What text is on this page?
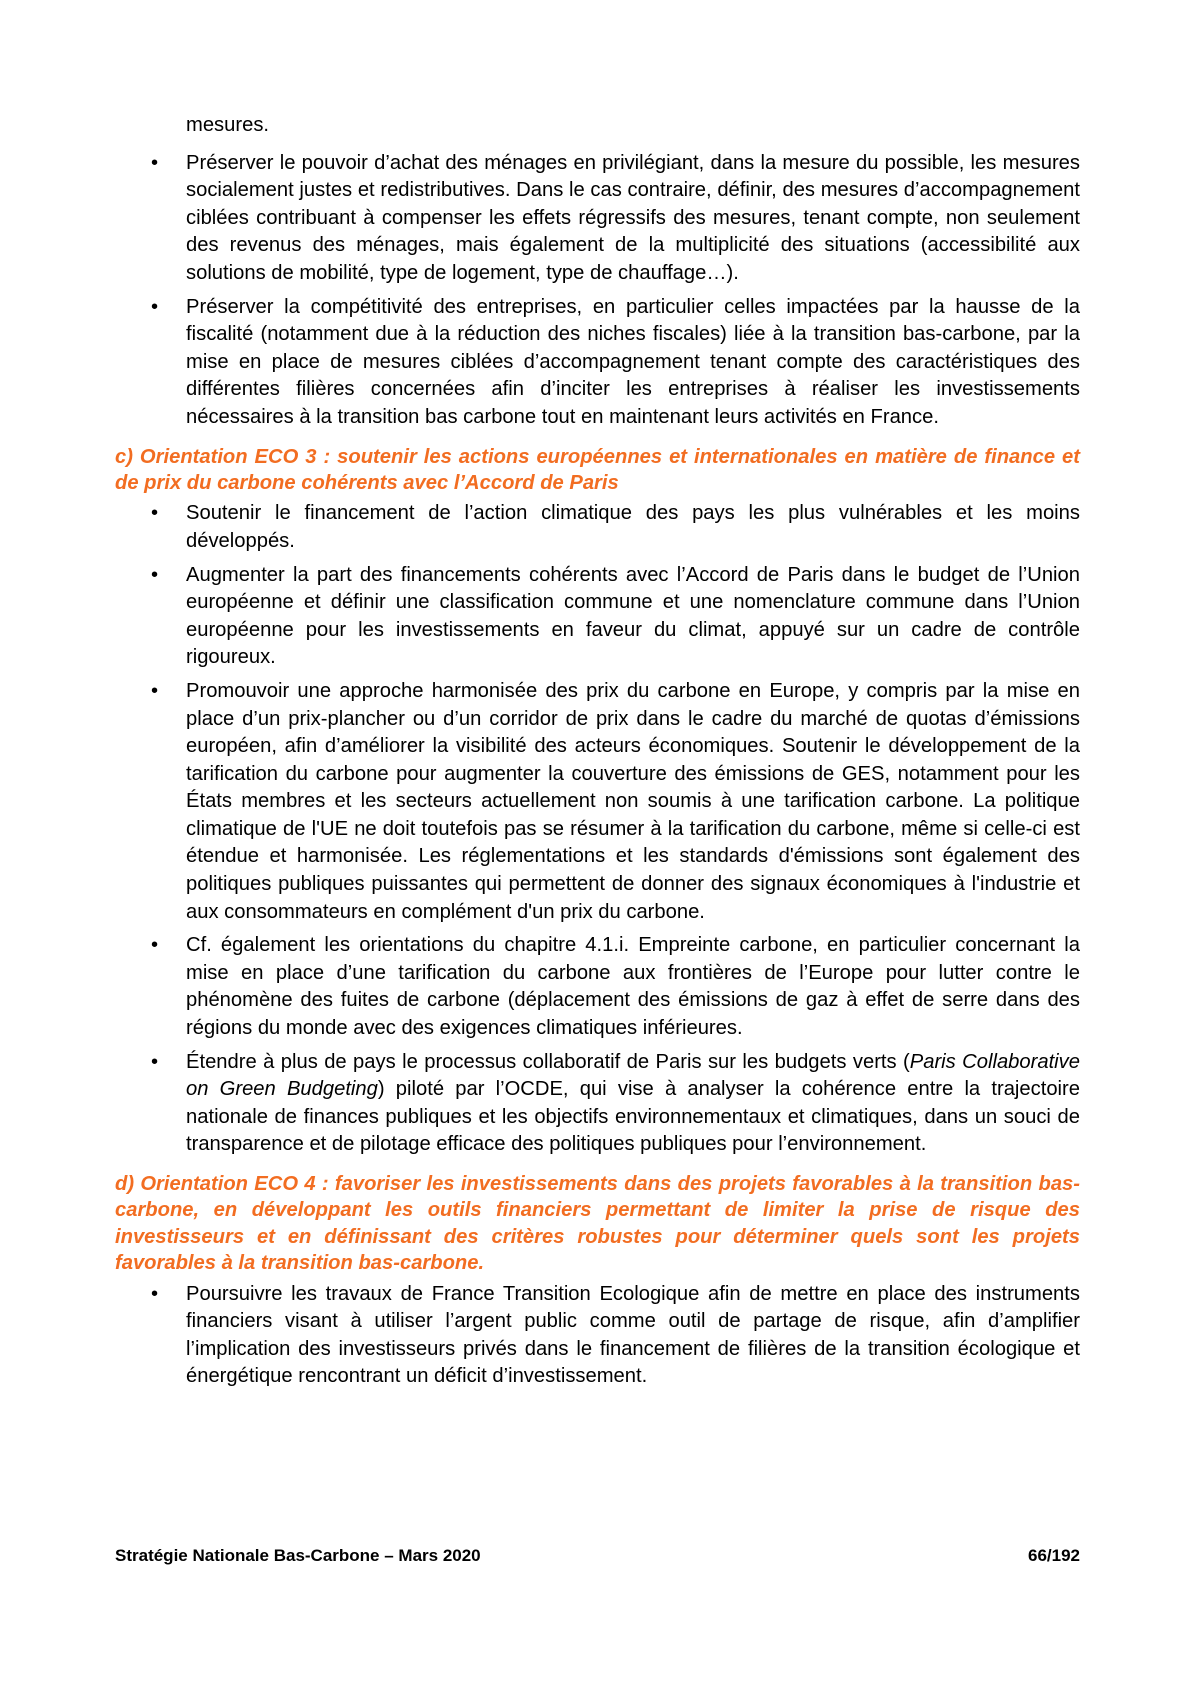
mesures.

• Préserver le pouvoir d’achat des ménages en privilégiant, dans la mesure du possible, les mesures socialement justes et redistributives. Dans le cas contraire, définir, des mesures d’accompagnement ciblées contribuant à compenser les effets régressifs des mesures, tenant compte, non seulement des revenus des ménages, mais également de la multiplicité des situations (accessibilité aux solutions de mobilité, type de logement, type de chauffage…).
• Préserver la compétitivité des entreprises, en particulier celles impactées par la hausse de la fiscalité (notamment due à la réduction des niches fiscales) liée à la transition bas-carbone, par la mise en place de mesures ciblées d’accompagnement tenant compte des caractéristiques des différentes filières concernées afin d’inciter les entreprises à réaliser les investissements nécessaires à la transition bas carbone tout en maintenant leurs activités en France.
c) Orientation ECO 3 : soutenir les actions européennes et internationales en matière de finance et de prix du carbone cohérents avec l’Accord de Paris
• Soutenir le financement de l’action climatique des pays les plus vulnérables et les moins développés.
• Augmenter la part des financements cohérents avec l’Accord de Paris dans le budget de l’Union européenne et définir une classification commune et une nomenclature commune dans l’Union européenne pour les investissements en faveur du climat, appuyé sur un cadre de contrôle rigoureux.
• Promouvoir une approche harmonisée des prix du carbone en Europe, y compris par la mise en place d’un prix-plancher ou d’un corridor de prix dans le cadre du marché de quotas d’émissions européen, afin d’améliorer la visibilité des acteurs économiques. Soutenir le développement de la tarification du carbone pour augmenter la couverture des émissions de GES, notamment pour les États membres et les secteurs actuellement non soumis à une tarification carbone. La politique climatique de l'UE ne doit toutefois pas se résumer à la tarification du carbone, même si celle-ci est étendue et harmonisée. Les réglementations et les standards d'émissions sont également des politiques publiques puissantes qui permettent de donner des signaux économiques à l'industrie et aux consommateurs en complément d'un prix du carbone.
• Cf. également les orientations du chapitre 4.1.i. Empreinte carbone, en particulier concernant la mise en place d’une tarification du carbone aux frontières de l’Europe pour lutter contre le phénomène des fuites de carbone (déplacement des émissions de gaz à effet de serre dans des régions du monde avec des exigences climatiques inférieures.
• Étendre à plus de pays le processus collaboratif de Paris sur les budgets verts (Paris Collaborative on Green Budgeting) piloté par l’OCDE, qui vise à analyser la cohérence entre la trajectoire nationale de finances publiques et les objectifs environnementaux et climatiques, dans un souci de transparence et de pilotage efficace des politiques publiques pour l’environnement.
d) Orientation ECO 4 : favoriser les investissements dans des projets favorables à la transition bas-carbone, en développant les outils financiers permettant de limiter la prise de risque des investisseurs et en définissant des critères robustes pour déterminer quels sont les projets favorables à la transition bas-carbone.
• Poursuivre les travaux de France Transition Ecologique afin de mettre en place des instruments financiers visant à utiliser l’argent public comme outil de partage de risque, afin d’amplifier l’implication des investisseurs privés dans le financement de filières de la transition écologique et énergétique rencontrant un déficit d’investissement.
Stratégie Nationale Bas-Carbone – Mars 2020	66/192
